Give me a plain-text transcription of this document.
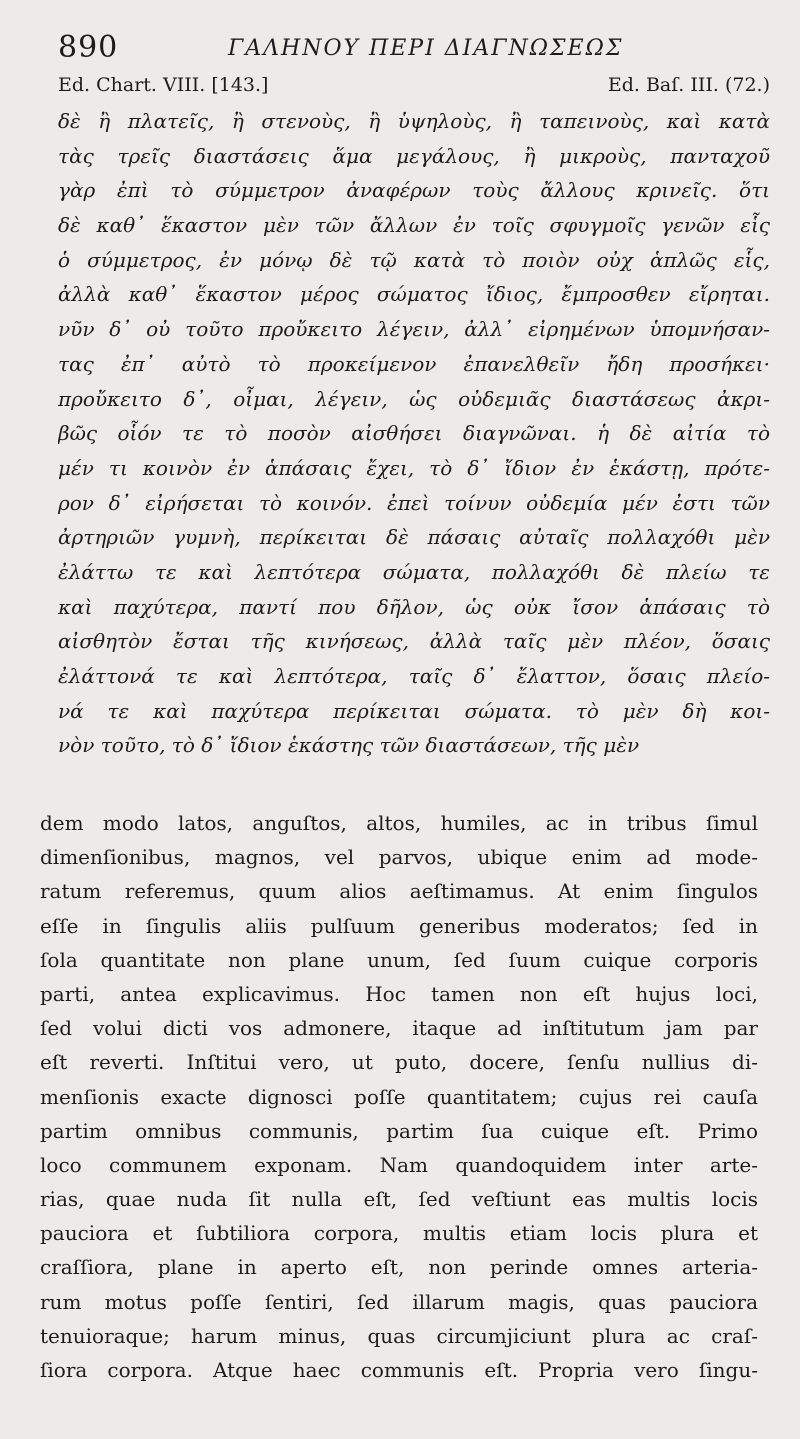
890	ΓΑΛΗΝΟΥ ΠΕΡΙ ΔΙΑΓΝΩΣΕΩΣ
Ed. Chart. VIII. [143.]	Ed. Baſ. III. (72.)
δὲ ἢ πλατεῖς, ἢ στενοὺς, ἢ ὑψηλοὺς, ἢ ταπεινοὺς, καὶ κατὰ
τὰς τρεῖς διαστάσεις ἅμα μεγάλους, ἢ μικροὺς, πανταχοῦ
γὰρ ἐπὶ τὸ σύμμετρον ἀναφέρων τοὺς ἄλλους κρινεῖς. ὅτι
δὲ καθ᾽ ἕκαστον μὲν τῶν ἄλλων ἐν τοῖς σφυγμοῖς γενῶν εἷς
ὁ σύμμετρος, ἐν μόνῳ δὲ τῷ κατὰ τὸ ποιὸν οὐχ ἁπλῶς εἷς,
ἀλλὰ καθ᾽ ἕκαστον μέρος σώματος ἴδιος, ἔμπροσθεν εἴρηται.
νῦν δ᾽ οὐ τοῦτο προὔκειτο λέγειν, ἀλλ᾽ εἰρημένων ὑπομνήσαν-
τας ἐπ᾽ αὐτὸ τὸ προκείμενον ἐπανελθεῖν ἤδη προσήκει·
προὔκειτο δ᾽, οἶμαι, λέγειν, ὡς οὐδεμιᾶς διαστάσεως ἀκρι-
βῶς οἷόν τε τὸ ποσὸν αἰσθήσει διαγνῶναι. ἡ δὲ αἰτία τὸ
μέν τι κοινὸν ἐν ἁπάσαις ἔχει, τὸ δ᾽ ἴδιον ἐν ἑκάστῃ, πρότε-
ρον δ᾽ εἰρήσεται τὸ κοινόν. ἐπεὶ τοίνυν οὐδεμία μέν ἐστι τῶν
ἀρτηριῶν γυμνὴ, περίκειται δὲ πάσαις αὐταῖς πολλαχόθι μὲν
ἐλάττω τε καὶ λεπτότερα σώματα, πολλαχόθι δὲ πλείω τε
καὶ παχύτερα, παντί που δῆλον, ὡς οὐκ ἴσον ἁπάσαις τὸ
αἰσθητὸν ἔσται τῆς κινήσεως, ἀλλὰ ταῖς μὲν πλέον, ὅσαις
ἐλάττονά τε καὶ λεπτότερα, ταῖς δ᾽ ἔλαττον, ὅσαις πλείο-
νά τε καὶ παχύτερα περίκειται σώματα. τὸ μὲν δὴ κοι-
νὸν τοῦτο, τὸ δ᾽ ἴδιον ἑκάστης τῶν διαστάσεων, τῆς μὲν
dem modo latos, anguſtos, altos, humiles, ac in tribus ſimul
dimenſionibus, magnos, vel parvos, ubique enim ad mode-
ratum referemus, quum alios aeſtimamus. At enim ſingulos
eſſe in ſingulis aliis pulſuum generibus moderatos; ſed in
ſola quantitate non plane unum, ſed ſuum cuique corporis
parti, antea explicavimus. Hoc tamen non eſt hujus loci,
ſed volui dicti vos admonere, itaque ad inſtitutum jam par
eſt reverti. Inſtitui vero, ut puto, docere, ſenſu nullius di-
menſionis exacte dignosci poſſe quantitatem; cujus rei cauſa
partim omnibus communis, partim ſua cuique eſt. Primo
loco communem exponam. Nam quandoquidem inter arte-
rias, quae nuda ſit nulla eſt, ſed veſtiunt eas multis locis
pauciora et ſubtiliora corpora, multis etiam locis plura et
craſſiora, plane in aperto eſt, non perinde omnes arteria-
rum motus poſſe ſentiri, ſed illarum magis, quas pauciora
tenuioraque; harum minus, quas circumjiciunt plura ac craſ-
ſiora corpora. Atque haec communis eſt. Propria vero ſingu-
